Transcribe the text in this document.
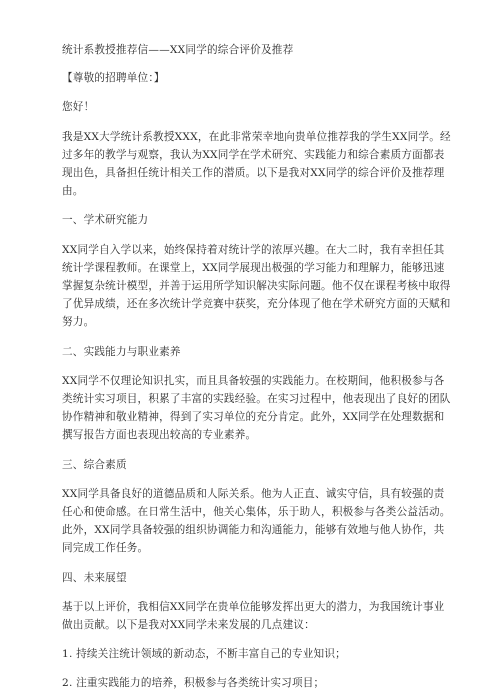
统计系教授推荐信——XX同学的综合评价及推荐
【尊敬的招聘单位：】
您好！
我是XX大学统计系教授XXX，在此非常荣幸地向贵单位推荐我的学生XX同学。经
过多年的教学与观察，我认为XX同学在学术研究、实践能力和综合素质方面都表
现出色，具备担任统计相关工作的潜质。以下是我对XX同学的综合评价及推荐理
由。
一、学术研究能力
XX同学自入学以来，始终保持着对统计学的浓厚兴趣。在大二时，我有幸担任其
统计学课程教师。在课堂上，XX同学展现出极强的学习能力和理解力，能够迅速
掌握复杂统计模型，并善于运用所学知识解决实际问题。他不仅在课程考核中取得
了优异成绩，还在多次统计学竞赛中获奖，充分体现了他在学术研究方面的天赋和
努力。
二、实践能力与职业素养
XX同学不仅理论知识扎实，而且具备较强的实践能力。在校期间，他积极参与各
类统计实习项目，积累了丰富的实践经验。在实习过程中，他表现出了良好的团队
协作精神和敬业精神，得到了实习单位的充分肯定。此外，XX同学在处理数据和
撰写报告方面也表现出较高的专业素养。
三、综合素质
XX同学具备良好的道德品质和人际关系。他为人正直、诚实守信，具有较强的责
任心和使命感。在日常生活中，他关心集体，乐于助人，积极参与各类公益活动。
此外，XX同学具备较强的组织协调能力和沟通能力，能够有效地与他人协作，共
同完成工作任务。
四、未来展望
基于以上评价，我相信XX同学在贵单位能够发挥出更大的潜力，为我国统计事业
做出贡献。以下是我对XX同学未来发展的几点建议：
1. 持续关注统计领域的新动态，不断丰富自己的专业知识；
2. 注重实践能力的培养，积极参与各类统计实习项目；
